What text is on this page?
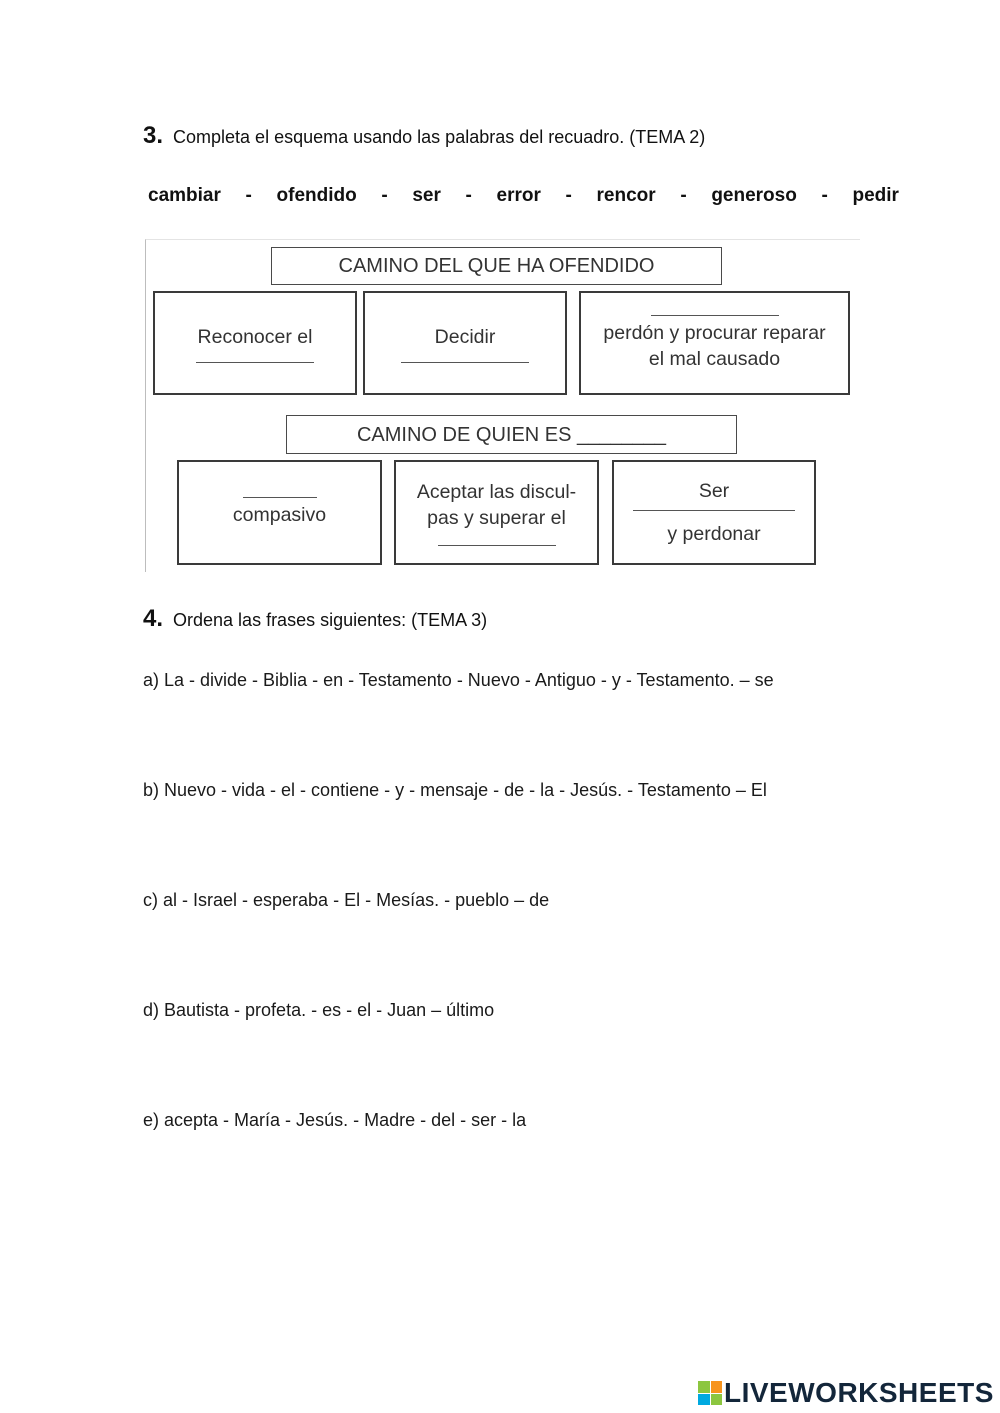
3. Completa el esquema usando las palabras del recuadro. (TEMA 2)
cambiar - ofendido - ser - error - rencor - generoso - pedir
CAMINO DEL QUE HA OFENDIDO
Reconocer el	Decidir	perdón y procurar reparar
el mal causado
CAMINO DE QUIEN ES ________
compasivo
Aceptar las discul-
pas y superar el
Ser
y perdonar
4. Ordena las frases siguientes: (TEMA 3)
a) La - divide - Biblia - en - Testamento - Nuevo - Antiguo - y - Testamento. – se
b) Nuevo - vida - el - contiene - y - mensaje - de - la - Jesús. - Testamento – El
c) al - Israel - esperaba - El - Mesías. - pueblo – de
d) Bautista - profeta. - es - el - Juan – último
e) acepta - María - Jesús. - Madre - del - ser - la
LIVEWORKSHEETS
